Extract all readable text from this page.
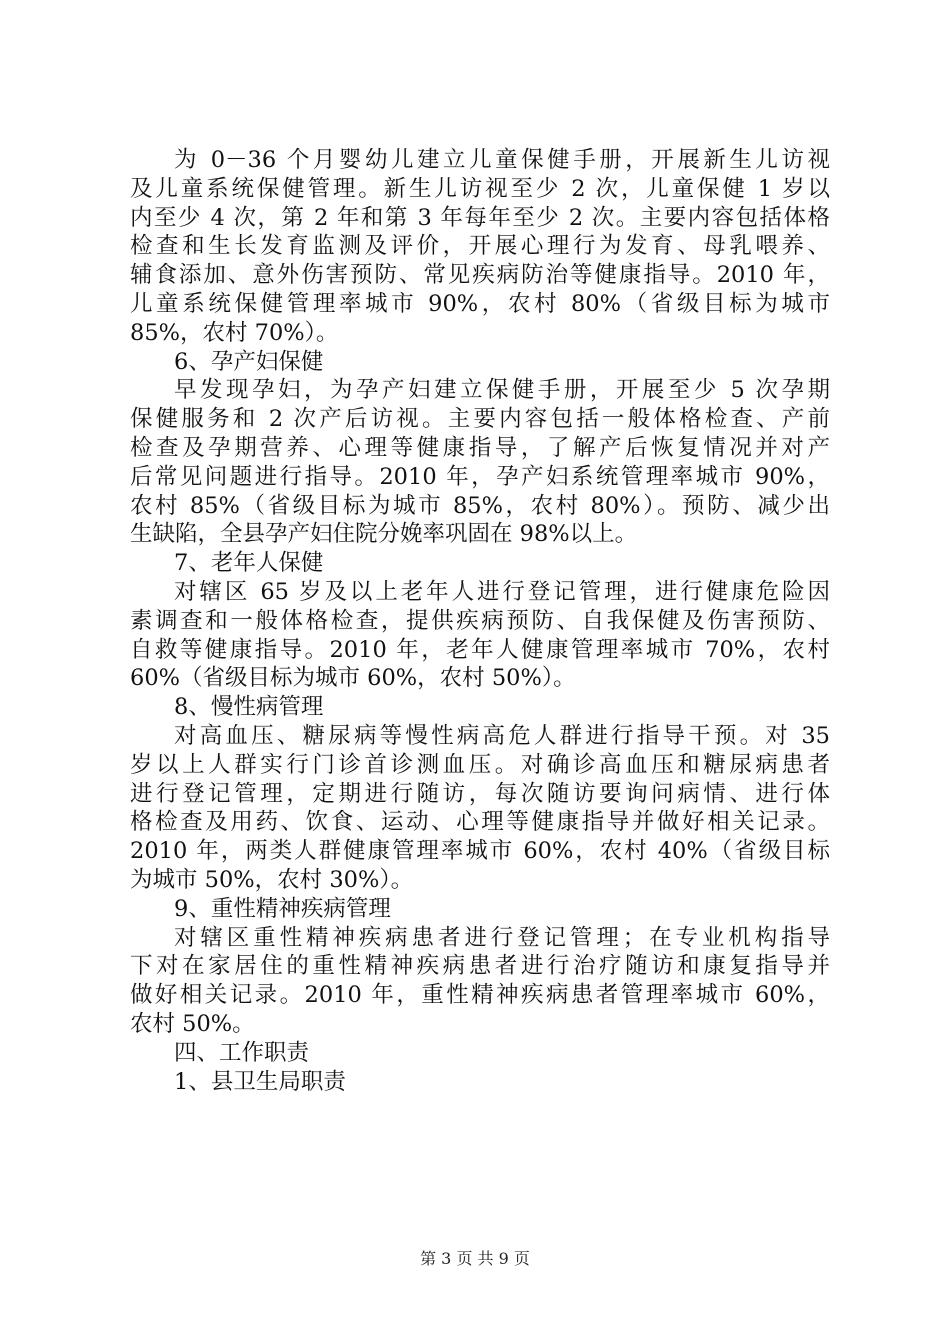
为 0－36 个月婴幼儿建立儿童保健手册，开展新生儿访视
及儿童系统保健管理。新生儿访视至少 2 次，儿童保健 1 岁以
内至少 4 次，第 2 年和第 3 年每年至少 2 次。主要内容包括体格
检查和生长发育监测及评价，开展心理行为发育、母乳喂养、
辅食添加、意外伤害预防、常见疾病防治等健康指导。2010 年，
儿童系统保健管理率城市 90%，农村 80%（省级目标为城市
85%，农村 70%）。
6、孕产妇保健
早发现孕妇，为孕产妇建立保健手册，开展至少 5 次孕期
保健服务和 2 次产后访视。主要内容包括一般体格检查、产前
检查及孕期营养、心理等健康指导，了解产后恢复情况并对产
后常见问题进行指导。2010 年，孕产妇系统管理率城市 90%，
农村 85%（省级目标为城市 85%，农村 80%）。预防、减少出
生缺陷，全县孕产妇住院分娩率巩固在 98%以上。
7、老年人保健
对辖区 65 岁及以上老年人进行登记管理，进行健康危险因
素调查和一般体格检查，提供疾病预防、自我保健及伤害预防、
自救等健康指导。2010 年，老年人健康管理率城市 70%，农村
60%（省级目标为城市 60%，农村 50%）。
8、慢性病管理
对高血压、糖尿病等慢性病高危人群进行指导干预。对 35
岁以上人群实行门诊首诊测血压。对确诊高血压和糖尿病患者
进行登记管理，定期进行随访，每次随访要询问病情、进行体
格检查及用药、饮食、运动、心理等健康指导并做好相关记录。
2010 年，两类人群健康管理率城市 60%，农村 40%（省级目标
为城市 50%，农村 30%）。
9、重性精神疾病管理
对辖区重性精神疾病患者进行登记管理；在专业机构指导
下对在家居住的重性精神疾病患者进行治疗随访和康复指导并
做好相关记录。2010 年，重性精神疾病患者管理率城市 60%，
农村 50%。
四、工作职责
1、县卫生局职责
第 3 页 共 9 页
